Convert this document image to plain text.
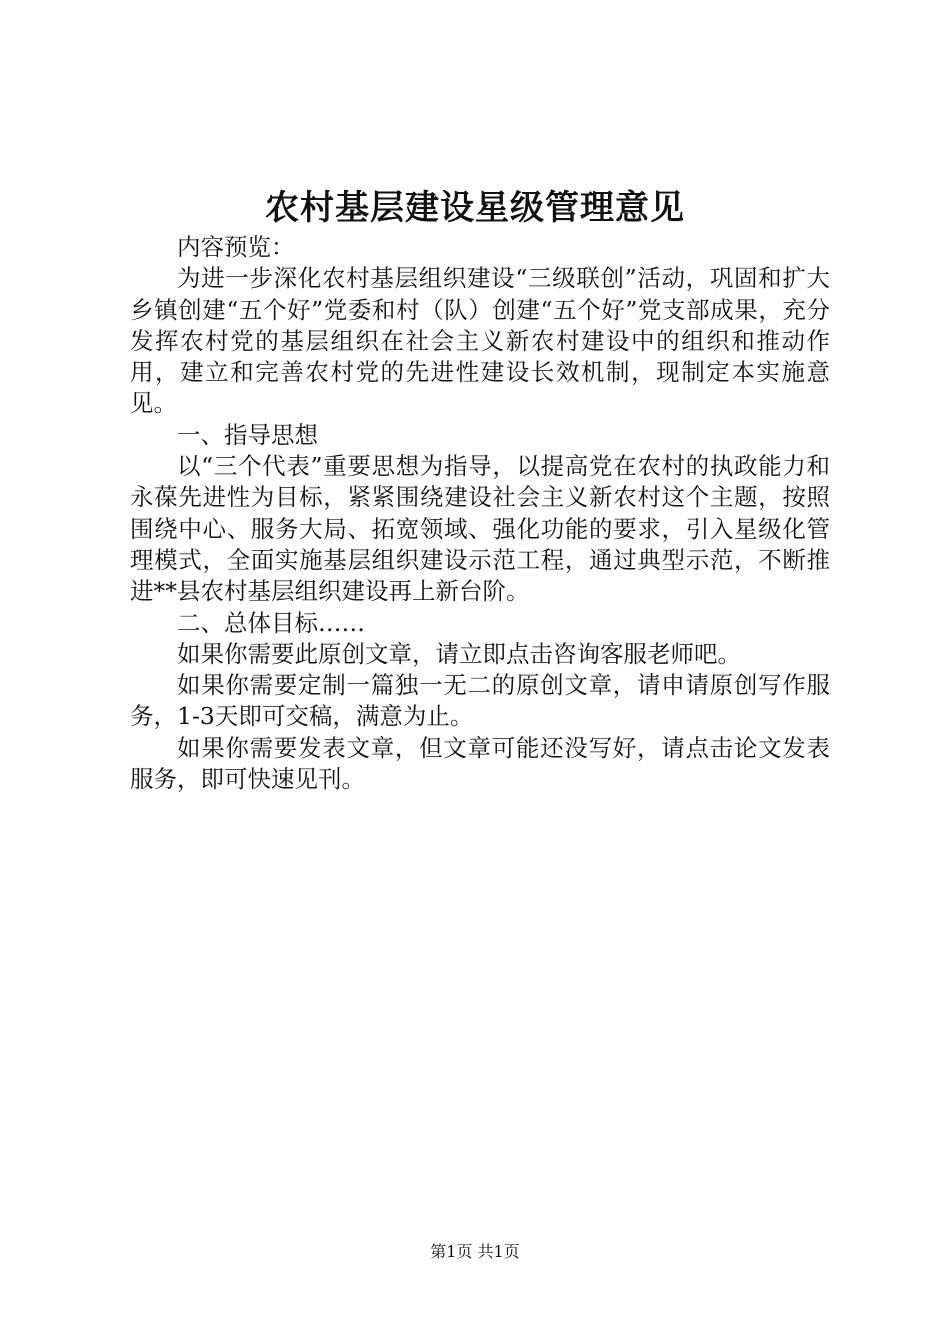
农村基层建设星级管理意见

内容预览：

为进一步深化农村基层组织建设“三级联创”活动，巩固和扩大乡镇创建“五个好”党委和村（队）创建“五个好”党支部成果，充分发挥农村党的基层组织在社会主义新农村建设中的组织和推动作用，建立和完善农村党的先进性建设长效机制，现制定本实施意见。

一、指导思想

以“三个代表”重要思想为指导，以提高党在农村的执政能力和永葆先进性为目标，紧紧围绕建设社会主义新农村这个主题，按照围绕中心、服务大局、拓宽领域、强化功能的要求，引入星级化管理模式，全面实施基层组织建设示范工程，通过典型示范，不断推进**县农村基层组织建设再上新台阶。

二、总体目标……

如果你需要此原创文章，请立即点击咨询客服老师吧。

如果你需要定制一篇独一无二的原创文章，请申请原创写作服务，1-3天即可交稿，满意为止。

如果你需要发表文章，但文章可能还没写好，请点击论文发表服务，即可快速见刊。

第1页 共1页
